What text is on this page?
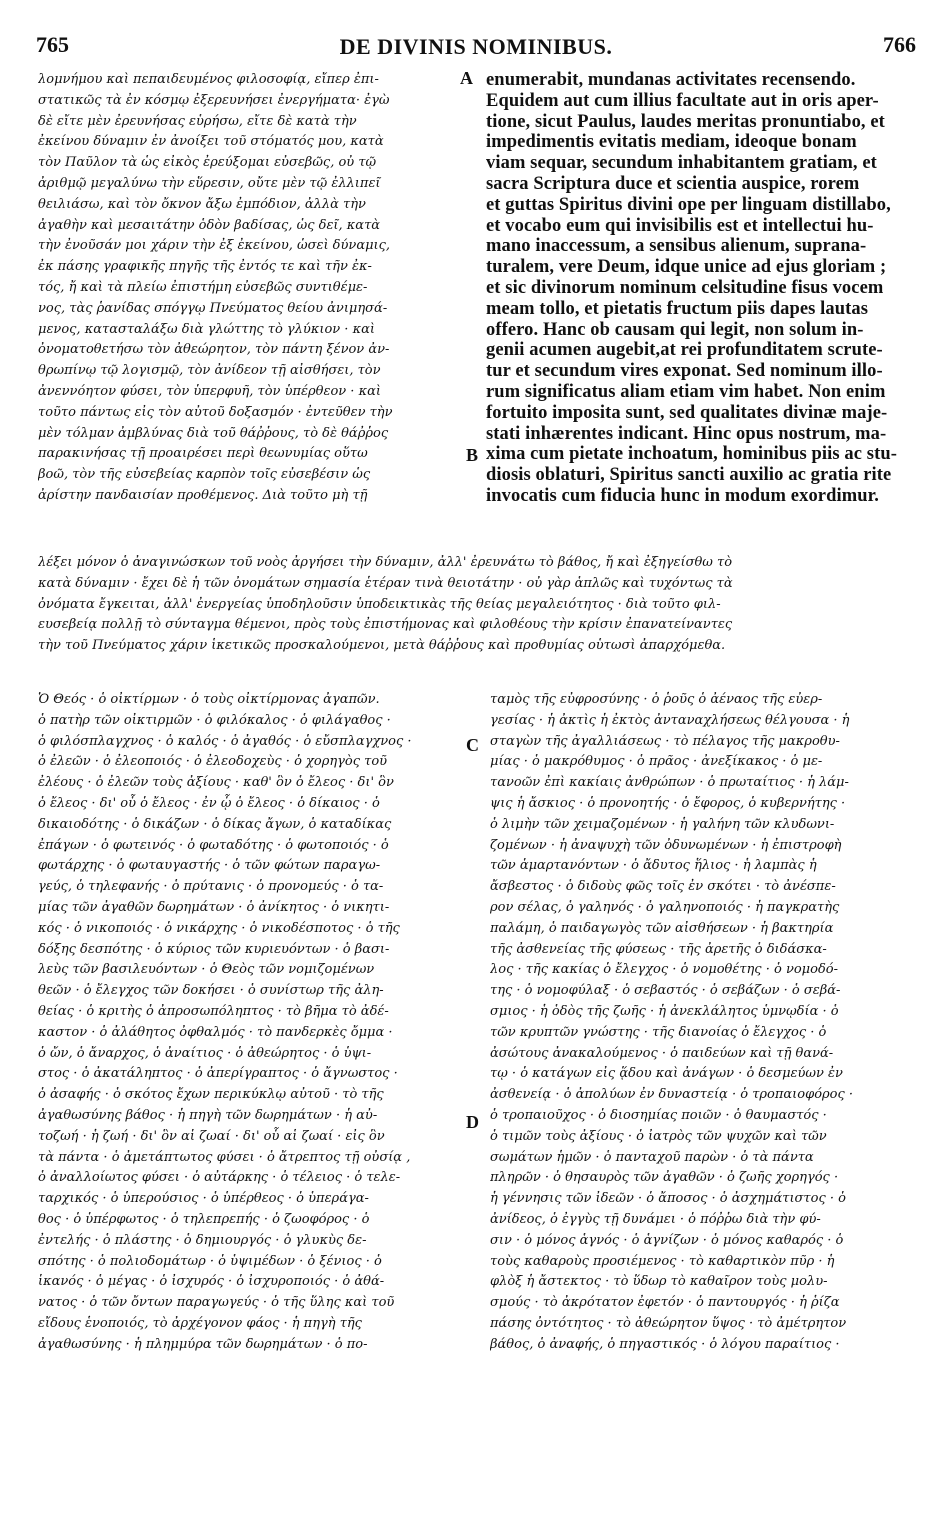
765	DE DIVINIS NOMINIBUS.	766
λομνήμου καὶ πεπαιδευμένος φιλοσοφίᾳ, εἴπερ ἐπι-
στατικῶς τὰ ἐν κόσμῳ ἐξερευνήσει ἐνεργήματα· ἐγὼ
δὲ εἴτε μὲν ἐρευνήσας εὑρήσω, εἴτε δὲ κατὰ τὴν
ἐκείνου δύναμιν ἐν ἀνοίξει τοῦ στόματός μου, κατὰ
τὸν Παῦλον τὰ ὡς εἰκὸς ἐρεύξομαι εὐσεβῶς, οὐ τῷ
ἀριθμῷ μεγαλύνω τὴν εὕρεσιν, οὔτε μὲν τῷ ἐλλιπεῖ
θειλιάσω, καὶ τὸν ὄκνον ἄξω ἐμπόδιον, ἀλλὰ τὴν
ἀγαθὴν καὶ μεσαιτάτην ὁδὸν βαδίσας, ὡς δεῖ, κατὰ
τὴν ἐνοῦσάν μοι χάριν τὴν ἐξ ἐκείνου, ὡσεὶ δύναμις,
ἐκ πάσης γραφικῆς πηγῆς τῆς ἐντός τε καὶ τῆν ἐκ-
τός, ἤ καὶ τὰ πλείω ἐπιστήμη εὐσεβῶς συντιθέμε-
νος, τὰς ῥανίδας σπόγγῳ Πνεύματος θείου ἀνιμησά-
μενος, κατασταλάξω διὰ γλώττης τὸ γλύκιον · καὶ
ὀνοματοθετήσω τὸν ἀθεώρητον, τὸν πάντη ξένον ἀν-
θρωπίνῳ τῷ λογισμῷ, τὸν ἀνίδεον τῇ αἰσθήσει, τὸν
ἀνεννόητον φύσει, τὸν ὑπερφυῆ, τὸν ὑπέρθεον · καὶ
τοῦτο πάντως εἰς τὸν αὐτοῦ δοξασμόν · ἐντεῦθεν τὴν
μὲν τόλμαν ἀμβλύνας διὰ τοῦ θάῤῥους, τὸ δὲ θάῤῥος
παρακινήσας τῇ προαιρέσει περὶ θεωνυμίας οὕτω
βοῶ, τὸν τῆς εὐσεβείας καρπὸν τοῖς εὐσεβέσιν ὡς
ἀρίστην πανδαισίαν προθέμενος. Διὰ τοῦτο μὴ τῇ
enumerabit, mundanas activitates recensendo.
Equidem aut cum illius facultate aut in oris aper-
tione, sicut Paulus, laudes meritas pronuntiabo, et
impedimentis evitatis mediam, ideoque bonam
viam sequar, secundum inhabitantem gratiam, et
sacra Scriptura duce et scientia auspice, rorem
et guttas Spiritus divini ope per linguam distillabo,
et vocabo eum qui invisibilis est et intellectui hu-
mano inaccessum, a sensibus alienum, suprana-
turalem, vere Deum, idque unice ad ejus gloriam ;
et sic divinorum nominum celsitudine fisus vocem
meam tollo, et pietatis fructum piis dapes lautas
offero. Hanc ob causam qui legit, non solum in-
genii acumen augebit,at rei profunditatem scrute-
tur et secundum vires exponat. Sed nominum illo-
rum significatus aliam etiam vim habet. Non enim
fortuito imposita sunt, sed qualitates divinæ maje-
stati inhærentes indicant. Hinc opus nostrum, ma-
xima cum pietate inchoatum, hominibus piis ac stu-
diosis oblaturi, Spiritus sancti auxilio ac gratia rite
invocatis cum fiducia hunc in modum exordimur.
λέξει μόνον ὁ ἀναγινώσκων τοῦ νοὸς ἀργήσει τὴν δύναμιν, ἀλλ' ἐρευνάτω τὸ βάθος, ἤ καὶ ἐξηγείσθω τὸ
κατὰ δύναμιν · ἔχει δὲ ἡ τῶν ὀνομάτων σημασία ἑτέραν τινὰ θειοτάτην · οὐ γὰρ ἁπλῶς καὶ τυχόντως τὰ
ὀνόματα ἔγκειται, ἀλλ' ἐνεργείας ὑποδηλοῦσιν ὑποδεικτικὰς τῆς θείας μεγαλειότητος · διὰ τοῦτο φιλ-
ευσεβείᾳ πολλῇ τὸ σύνταγμα θέμενοι, πρὸς τοὺς ἐπιστήμονας καὶ φιλοθέους τὴν κρίσιν ἐπανατείναντες
τὴν τοῦ Πνεύματος χάριν ἱκετικῶς προσκαλούμενοι, μετὰ θάῤῥους καὶ προθυμίας οὑτωσὶ ἀπαρχόμεθα.
Ὁ Θεός · ὁ οἰκτίρμων · ὁ τοὺς οἰκτίρμονας ἀγαπῶν.
ὁ πατὴρ τῶν οἰκτιρμῶν · ὁ φιλόκαλος · ὁ φιλάγαθος ·
ὁ φιλόσπλαγχνος · ὁ καλός · ὁ ἀγαθός · ὁ εὔσπλαγχνος ·
ὁ ἐλεῶν · ὁ ἐλεοποιός · ὁ ἐλεοδοχεὺς · ὁ χορηγὸς τοῦ
ἐλέους · ὁ ἐλεῶν τοὺς ἀξίους · καθ' ὃν ὁ ἔλεος · δι' ὃν
ὁ ἔλεος · δι' οὗ ὁ ἔλεος · ἐν ᾧ ὁ ἔλεος · ὁ δίκαιος · ὁ
δικαιοδότης · ὁ δικάζων · ὁ δίκας ἄγων, ὁ καταδίκας
ἐπάγων · ὁ φωτεινός · ὁ φωταδότης · ὁ φωτοποιός · ὁ
φωτάρχης · ὁ φωταυγαστής · ὁ τῶν φώτων παραγω-
γεύς, ὁ τηλεφανής · ὁ πρύτανις · ὁ προνομεύς · ὁ τα-
μίας τῶν ἀγαθῶν δωρημάτων · ὁ ἀνίκητος · ὁ νικητι-
κός · ὁ νικοποιός · ὁ νικάρχης · ὁ νικοδέσποτος · ὁ τῆς
δόξης δεσπότης · ὁ κύριος τῶν κυριευόντων · ὁ βασι-
λεὺς τῶν βασιλευόντων · ὁ Θεὸς τῶν νομιζομένων
θεῶν · ὁ ἔλεγχος τῶν δοκήσει · ὁ συνίστωρ τῆς ἀλη-
θείας · ὁ κριτὴς ὁ ἀπροσωπόληπτος · τὸ βῆμα τὸ ἀδέ-
καστον · ὁ ἀλάθητος ὀφθαλμός · τὸ πανδερκὲς ὄμμα ·
ὁ ὤν, ὁ ἄναρχος, ὁ ἀναίτιος · ὁ ἀθεώρητος · ὁ ὑψι-
στος · ὁ ἀκατάληπτος · ὁ ἀπερίγραπτος · ὁ ἄγνωστος ·
ὁ ἀσαφής · ὁ σκότος ἔχων περικύκλῳ αὐτοῦ · τὸ τῆς
ἀγαθωσύνης βάθος · ἡ πηγὴ τῶν δωρημάτων · ἡ αὐ-
τοζωή · ἡ ζωή · δι' ὃν αἱ ζωαί · δι' οὗ αἱ ζωαί · εἰς ὃν
τὰ πάντα · ὁ ἀμετάπτωτος φύσει · ὁ ἄτρεπτος τῇ οὐσίᾳ ,
ὁ ἀναλλοίωτος φύσει · ὁ αὐτάρκης · ὁ τέλειος · ὁ τελε-
ταρχικός · ὁ ὑπερούσιος · ὁ ὑπέρθεος · ὁ ὑπεράγα-
θος · ὁ ὑπέρφωτος · ὁ τηλεπρεπής · ὁ ζωοφόρος · ὁ
ἐντελής · ὁ πλάστης · ὁ δημιουργός · ὁ γλυκὺς δε-
σπότης · ὁ πολιοδομάτωρ · ὁ ὑψιμέδων · ὁ ξένιος · ὁ
ἱκανός · ὁ μέγας · ὁ ἰσχυρός · ὁ ἰσχυροποιός · ὁ ἀθά-
νατος · ὁ τῶν ὄντων παραγωγεύς · ὁ τῆς ὕλης καὶ τοῦ
εἴδους ἑνοποιός, τὸ ἀρχέγονον φάος · ἡ πηγὴ τῆς
ἀγαθωσύνης · ἡ πλημμύρα τῶν δωρημάτων · ὁ πο-
ταμὸς τῆς εὐφροσύνης · ὁ ῥοῦς ὁ ἀέναος τῆς εὐερ-
γεσίας · ἡ ἀκτὶς ἡ ἐκτὸς ἀνταναχλήσεως θέλγουσα · ἡ
σταγὼν τῆς ἀγαλλιάσεως · τὸ πέλαγος τῆς μακροθυ-
μίας · ὁ μακρόθυμος · ὁ πρᾶος · ἀνεξίκακος · ὁ με-
τανοῶν ἐπὶ κακίαις ἀνθρώπων · ὁ πρωταίτιος · ἡ λάμ-
ψις ἡ ἄσκιος · ὁ προνοητής · ὁ ἔφορος, ὁ κυβερνήτης ·
ὁ λιμὴν τῶν χειμαζομένων · ἡ γαλήνη τῶν κλυδωνι-
ζομένων · ἡ ἀναψυχὴ τῶν ὀδυνωμένων · ἡ ἐπιστροφὴ
τῶν ἁμαρτανόντων · ὁ ἄδυτος ἥλιος · ἡ λαμπὰς ἡ
ἄσβεστος · ὁ διδοὺς φῶς τοῖς ἐν σκότει · τὸ ἀνέσπε-
ρον σέλας, ὁ γαληνός · ὁ γαληνοποιός · ἡ παγκρατὴς
παλάμη, ὁ παιδαγωγὸς τῶν αἰσθήσεων · ἡ βακτηρία
τῆς ἀσθενείας τῆς φύσεως · τῆς ἀρετῆς ὁ διδάσκα-
λος · τῆς κακίας ὁ ἔλεγχος · ὁ νομοθέτης · ὁ νομοδό-
της · ὁ νομοφύλαξ · ὁ σεβαστός · ὁ σεβάζων · ὁ σεβά-
σμιος · ἡ ὁδὸς τῆς ζωῆς · ἡ ἀνεκλάλητος ὑμνῳδία · ὁ
τῶν κρυπτῶν γνώστης · τῆς διανοίας ὁ ἔλεγχος · ὁ
ἀσώτους ἀνακαλούμενος · ὁ παιδεύων καὶ τῇ θανά-
τῳ · ὁ κατάγων εἰς ᾅδου καὶ ἀνάγων · ὁ δεσμεύων ἐν
ἀσθενείᾳ · ὁ ἀπολύων ἐν δυναστείᾳ · ὁ τροπαιοφόρος ·
ὁ τροπαιοῦχος · ὁ διοσημίας ποιῶν · ὁ θαυμαστός ·
ὁ τιμῶν τοὺς ἀξίους · ὁ ἰατρὸς τῶν ψυχῶν καὶ τῶν
σωμάτων ἡμῶν · ὁ πανταχοῦ παρὼν · ὁ τὰ πάντα
πληρῶν · ὁ θησαυρὸς τῶν ἀγαθῶν · ὁ ζωῆς χορηγός ·
ἡ γέννησις τῶν ἰδεῶν · ὁ ἄποσος · ὁ ἀσχημάτιστος · ὁ
ἀνίδεος, ὁ ἐγγὺς τῇ δυνάμει · ὁ πόῤῥω διὰ τὴν φύ-
σιν · ὁ μόνος ἁγνός · ὁ ἁγνίζων · ὁ μόνος καθαρός · ὁ
τοὺς καθαροὺς προσιέμενος · τὸ καθαρτικὸν πῦρ · ἡ
φλὸξ ἡ ἄστεκτος · τὸ ὕδωρ τὸ καθαῖρον τοὺς μολυ-
σμούς · τὸ ἀκρότατον ἐφετόν · ὁ παντουργός · ἡ ῥίζα
πάσης ὀντότητος · τὸ ἀθεώρητον ὕψος · τὸ ἀμέτρητον
βάθος, ὁ ἀναφής, ὁ πηγαστικός · ὁ λόγου παραίτιος ·
A
B
C
D
